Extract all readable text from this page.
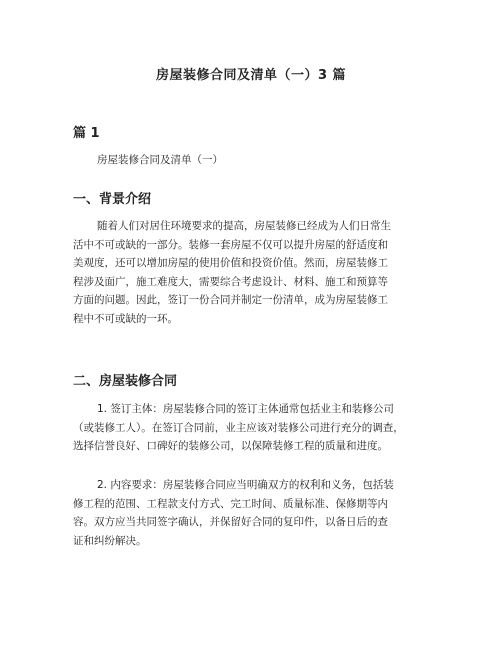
房屋装修合同及清单（一）3 篇
篇 1
房屋装修合同及清单（一）
一、背景介绍
随着人们对居住环境要求的提高，房屋装修已经成为人们日常生
活中不可或缺的一部分。装修一套房屋不仅可以提升房屋的舒适度和
美观度，还可以增加房屋的使用价值和投资价值。然而，房屋装修工
程涉及面广，施工难度大，需要综合考虑设计、材料、施工和预算等
方面的问题。因此，签订一份合同并制定一份清单，成为房屋装修工
程中不可或缺的一环。
二、房屋装修合同
1. 签订主体：房屋装修合同的签订主体通常包括业主和装修公司
（或装修工人）。在签订合同前，业主应该对装修公司进行充分的调查，
选择信誉良好、口碑好的装修公司，以保障装修工程的质量和进度。
2. 内容要求：房屋装修合同应当明确双方的权利和义务，包括装
修工程的范围、工程款支付方式、完工时间、质量标准、保修期等内
容。双方应当共同签字确认，并保留好合同的复印件，以备日后的查
证和纠纷解决。
